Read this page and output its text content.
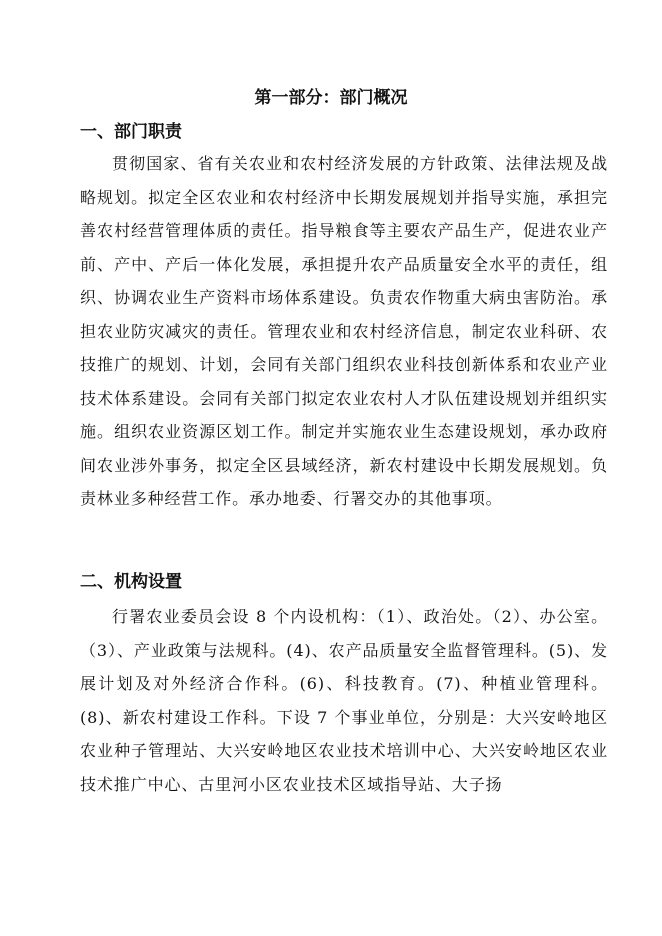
第一部分：部门概况
一、部门职责

贯彻国家、省有关农业和农村经济发展的方针政策、法律法规及战略规划。拟定全区农业和农村经济中长期发展规划并指导实施，承担完善农村经营管理体质的责任。指导粮食等主要农产品生产，促进农业产前、产中、产后一体化发展，承担提升农产品质量安全水平的责任，组织、协调农业生产资料市场体系建设。负责农作物重大病虫害防治。承担农业防灾减灾的责任。管理农业和农村经济信息，制定农业科研、农技推广的规划、计划，会同有关部门组织农业科技创新体系和农业产业技术体系建设。会同有关部门拟定农业农村人才队伍建设规划并组织实施。组织农业资源区划工作。制定并实施农业生态建设规划，承办政府间农业涉外事务，拟定全区县域经济，新农村建设中长期发展规划。负责林业多种经营工作。承办地委、行署交办的其他事项。

二、机构设置

行署农业委员会设 8 个内设机构：（1）、政治处。（2）、办公室。（3）、产业政策与法规科。(4)、农产品质量安全监督管理科。(5)、发展计划及对外经济合作科。(6)、科技教育。(7)、种植业管理科。(8)、新农村建设工作科。下设 7 个事业单位，分别是：大兴安岭地区农业种子管理站、大兴安岭地区农业技术培训中心、大兴安岭地区农业技术推广中心、古里河小区农业技术区域指导站、大子扬
